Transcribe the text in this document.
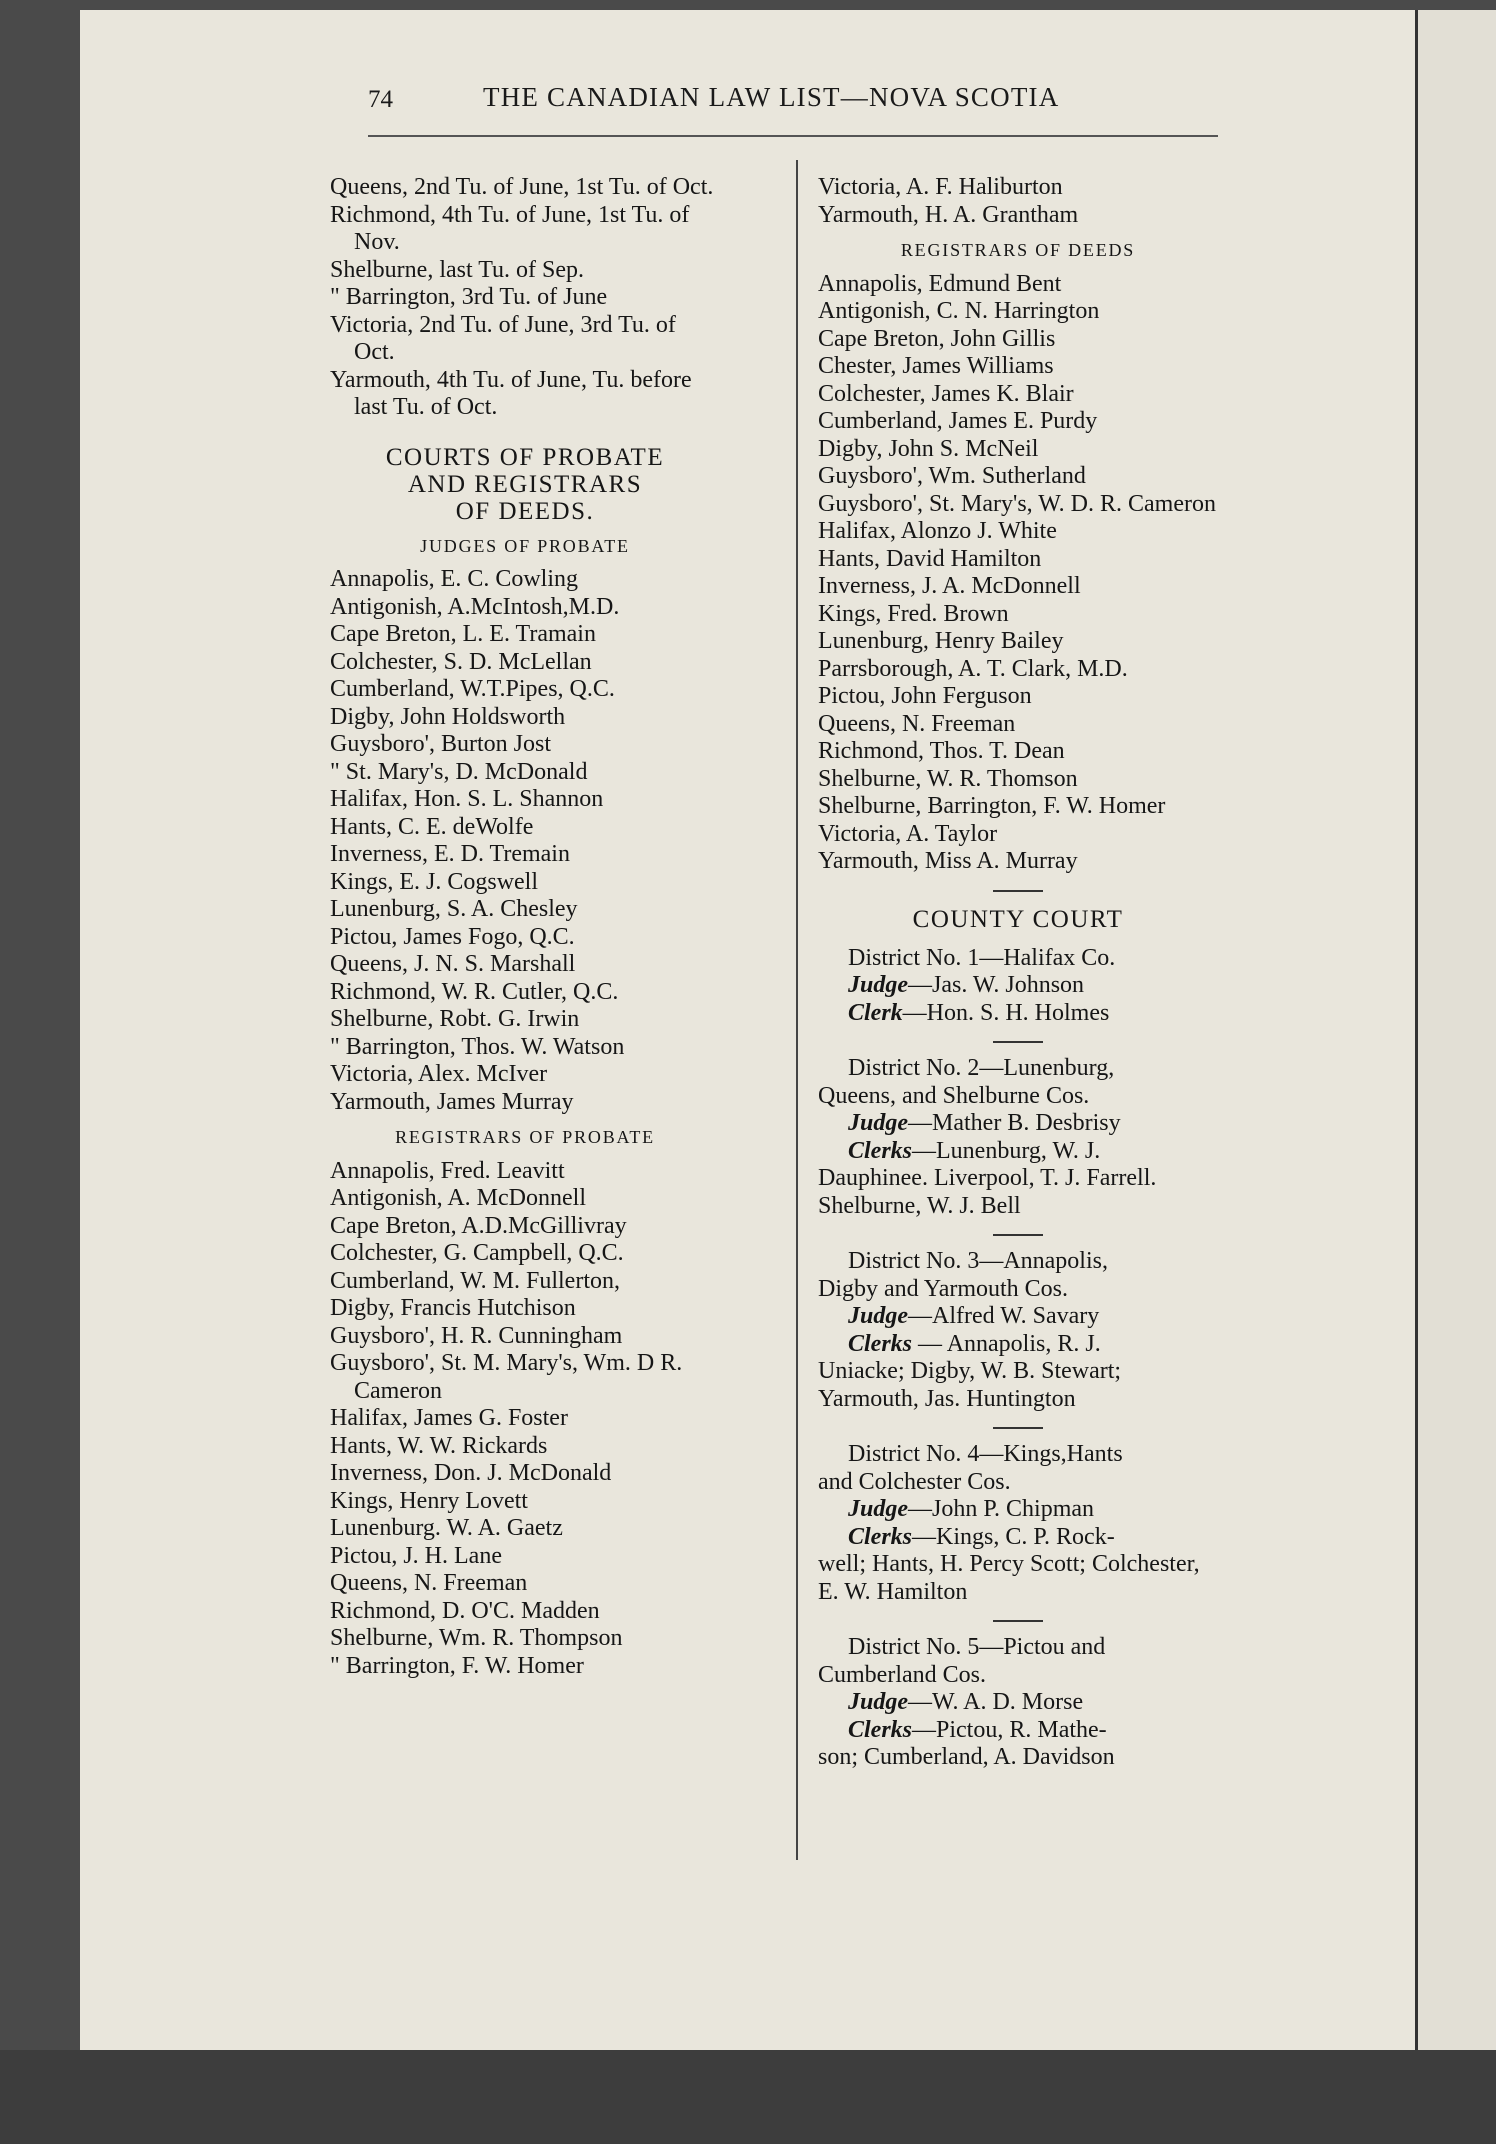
74	THE CANADIAN LAW LIST—NOVA SCOTIA

Queens, 2nd Tu. of June, 1st Tu. of Oct.

Richmond, 4th Tu. of June, 1st Tu. of Nov.

Shelburne, last Tu. of Sep.

" Barrington, 3rd Tu. of June

Victoria, 2nd Tu. of June, 3rd Tu. of Oct.

Yarmouth, 4th Tu. of June, Tu. before last Tu. of Oct.

COURTS OF PROBATE
AND REGISTRARS
OF DEEDS.
JUDGES OF PROBATE

Annapolis, E. C. Cowling

Antigonish, A.McIntosh,M.D.

Cape Breton, L. E. Tramain

Colchester, S. D. McLellan

Cumberland, W.T.Pipes, Q.C.

Digby, John Holdsworth

Guysboro', Burton Jost

" St. Mary's, D. McDonald

Halifax, Hon. S. L. Shannon

Hants, C. E. deWolfe

Inverness, E. D. Tremain

Kings, E. J. Cogswell

Lunenburg, S. A. Chesley

Pictou, James Fogo, Q.C.

Queens, J. N. S. Marshall

Richmond, W. R. Cutler, Q.C.

Shelburne, Robt. G. Irwin

" Barrington, Thos. W. Watson

Victoria, Alex. McIver

Yarmouth, James Murray

REGISTRARS OF PROBATE

Annapolis, Fred. Leavitt

Antigonish, A. McDonnell

Cape Breton, A.D.McGillivray

Colchester, G. Campbell, Q.C.

Cumberland, W. M. Fullerton,

Digby, Francis Hutchison

Guysboro', H. R. Cunningham

Guysboro', St. M. Mary's, Wm. D R. Cameron

Halifax, James G. Foster

Hants, W. W. Rickards

Inverness, Don. J. McDonald

Kings, Henry Lovett

Lunenburg. W. A. Gaetz

Pictou, J. H. Lane

Queens, N. Freeman

Richmond, D. O'C. Madden

Shelburne, Wm. R. Thompson

" Barrington, F. W. Homer

Victoria, A. F. Haliburton

Yarmouth, H. A. Grantham

REGISTRARS OF DEEDS

Annapolis, Edmund Bent

Antigonish, C. N. Harrington

Cape Breton, John Gillis

Chester, James Williams

Colchester, James K. Blair

Cumberland, James E. Purdy

Digby, John S. McNeil

Guysboro', Wm. Sutherland

Guysboro', St. Mary's, W. D. R. Cameron

Halifax, Alonzo J. White

Hants, David Hamilton

Inverness, J. A. McDonnell

Kings, Fred. Brown

Lunenburg, Henry Bailey

Parrsborough, A. T. Clark, M.D.

Pictou, John Ferguson

Queens, N. Freeman

Richmond, Thos. T. Dean

Shelburne, W. R. Thomson

Shelburne, Barrington, F. W. Homer

Victoria, A. Taylor

Yarmouth, Miss A. Murray

COUNTY COURT

District No. 1—Halifax Co.

Judge—Jas. W. Johnson

Clerk—Hon. S. H. Holmes

District No. 2—Lunenburg,

Queens, and Shelburne Cos.

Judge—Mather B. Desbrisy

Clerks—Lunenburg, W. J.

Dauphinee. Liverpool, T. J. Farrell. Shelburne, W. J. Bell

District No. 3—Annapolis,

Digby and Yarmouth Cos.

Judge—Alfred W. Savary

Clerks — Annapolis, R. J.

Uniacke; Digby, W. B. Stewart; Yarmouth, Jas. Huntington

District No. 4—Kings,Hants

and Colchester Cos.

Judge—John P. Chipman

Clerks—Kings, C. P. Rock-

well; Hants, H. Percy Scott; Colchester, E. W. Hamilton

District No. 5—Pictou and

Cumberland Cos.

Judge—W. A. D. Morse

Clerks—Pictou, R. Mathe-

son; Cumberland, A. Davidson
